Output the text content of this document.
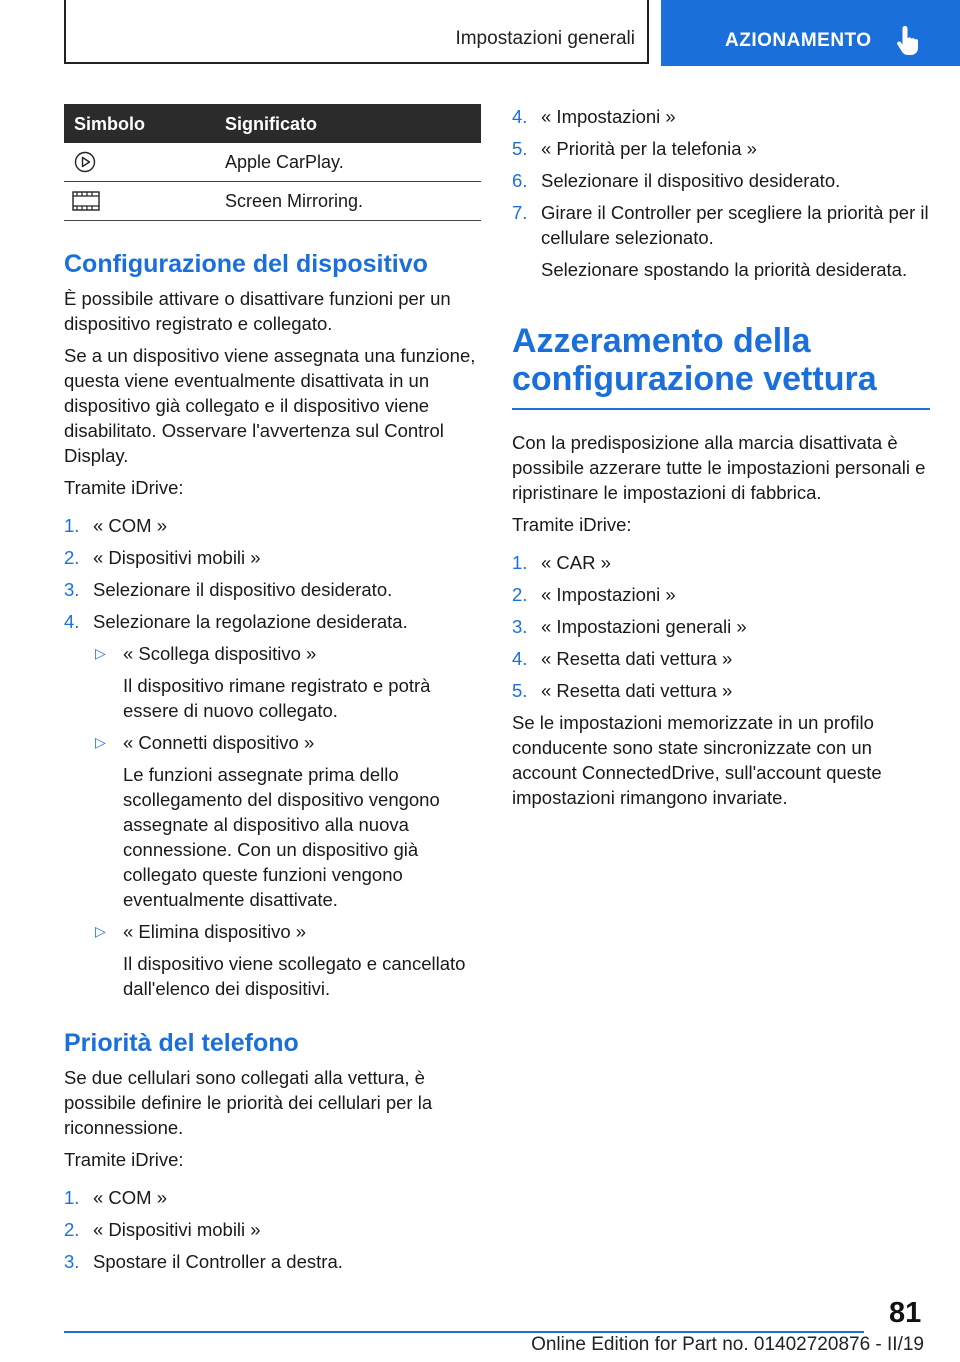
Impostazioni generali	AZIONAMENTO
Simbolo	Significato
Apple CarPlay.
Screen Mirroring.
Configurazione del dispositivo

È possibile attivare o disattivare funzioni per un dispositivo registrato e collegato.

Se a un dispositivo viene assegnata una funzione, questa viene eventualmente disattivata in un dispositivo già collegato e il dispositivo viene disabilitato. Osservare l'avvertenza sul Control Display.

Tramite iDrive:

1. « COM »
2. « Dispositivi mobili »
3. Selezionare il dispositivo desiderato.
4. Selezionare la regolazione desiderata.
▷ « Scollega dispositivo »
Il dispositivo rimane registrato e potrà essere di nuovo collegato.
▷ « Connetti dispositivo »
Le funzioni assegnate prima dello scollegamento del dispositivo vengono assegnate al dispositivo alla nuova connessione. Con un dispositivo già collegato queste funzioni vengono eventualmente disattivate.
▷ « Elimina dispositivo »
Il dispositivo viene scollegato e cancellato dall'elenco dei dispositivi.
Priorità del telefono

Se due cellulari sono collegati alla vettura, è possibile definire le priorità dei cellulari per la riconnessione.

Tramite iDrive:

1. « COM »
2. « Dispositivi mobili »
3. Spostare il Controller a destra.
4. « Impostazioni »
5. « Priorità per la telefonia »
6. Selezionare il dispositivo desiderato.
7. Girare il Controller per scegliere la priorità per il cellulare selezionato.
Selezionare spostando la priorità desiderata.
Azzeramento della configurazione vettura

Con la predisposizione alla marcia disattivata è possibile azzerare tutte le impostazioni personali e ripristinare le impostazioni di fabbrica.

Tramite iDrive:

1. « CAR »
2. « Impostazioni »
3. « Impostazioni generali »
4. « Resetta dati vettura »
5. « Resetta dati vettura »

Se le impostazioni memorizzate in un profilo conducente sono state sincronizzate con un account ConnectedDrive, sull'account queste impostazioni rimangono invariate.

81
Online Edition for Part no. 01402720876 - II/19
